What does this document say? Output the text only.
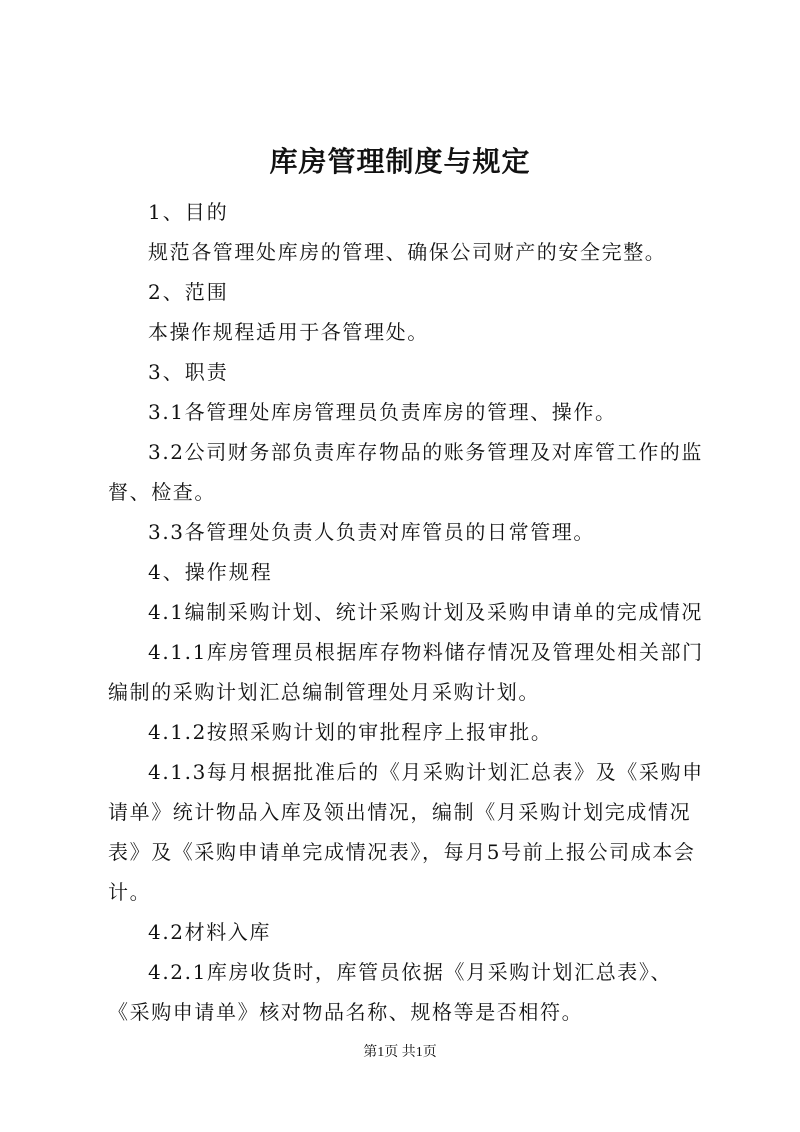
库房管理制度与规定

1、目的

规范各管理处库房的管理、确保公司财产的安全完整。

2、范围

本操作规程适用于各管理处。

3、职责

3.1各管理处库房管理员负责库房的管理、操作。

3.2公司财务部负责库存物品的账务管理及对库管工作的监督、检查。

3.3各管理处负责人负责对库管员的日常管理。

4、操作规程

4.1编制采购计划、统计采购计划及采购申请单的完成情况

4.1.1库房管理员根据库存物料储存情况及管理处相关部门编制的采购计划汇总编制管理处月采购计划。

4.1.2按照采购计划的审批程序上报审批。

4.1.3每月根据批准后的《月采购计划汇总表》及《采购申请单》统计物品入库及领出情况，编制《月采购计划完成情况表》及《采购申请单完成情况表》，每月5号前上报公司成本会计。

4.2材料入库

4.2.1库房收货时，库管员依据《月采购计划汇总表》、《采购申请单》核对物品名称、规格等是否相符。

第1页 共1页
